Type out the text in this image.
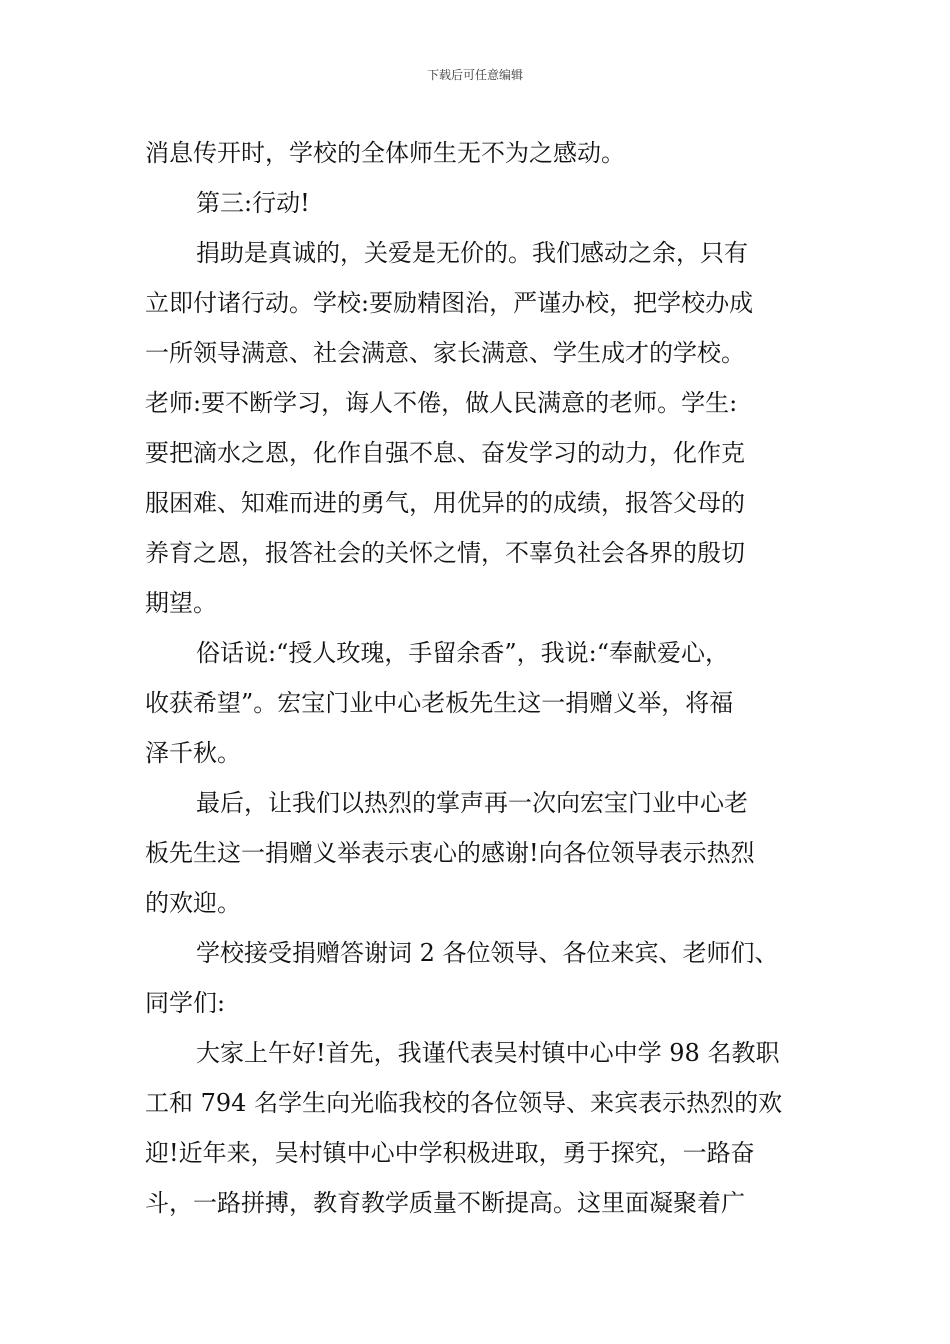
下载后可任意编辑
消息传开时，学校的全体师生无不为之感动。
第三:行动!
捐助是真诚的，关爱是无价的。我们感动之余，只有
立即付诸行动。学校:要励精图治，严谨办校，把学校办成
一所领导满意、社会满意、家长满意、学生成才的学校。
老师:要不断学习，诲人不倦，做人民满意的老师。学生:
要把滴水之恩，化作自强不息、奋发学习的动力，化作克
服困难、知难而进的勇气，用优异的的成绩，报答父母的
养育之恩，报答社会的关怀之情，不辜负社会各界的殷切
期望。
俗话说:“授人玫瑰，手留余香”，我说:“奉献爱心，
收获希望”。宏宝门业中心老板先生这一捐赠义举，将福
泽千秋。
最后，让我们以热烈的掌声再一次向宏宝门业中心老
板先生这一捐赠义举表示衷心的感谢!向各位领导表示热烈
的欢迎。
学校接受捐赠答谢词 2 各位领导、各位来宾、老师们、
同学们:
大家上午好!首先，我谨代表吴村镇中心中学 98 名教职
工和 794 名学生向光临我校的各位领导、来宾表示热烈的欢
迎!近年来，吴村镇中心中学积极进取，勇于探究，一路奋
斗，一路拼搏，教育教学质量不断提高。这里面凝聚着广
